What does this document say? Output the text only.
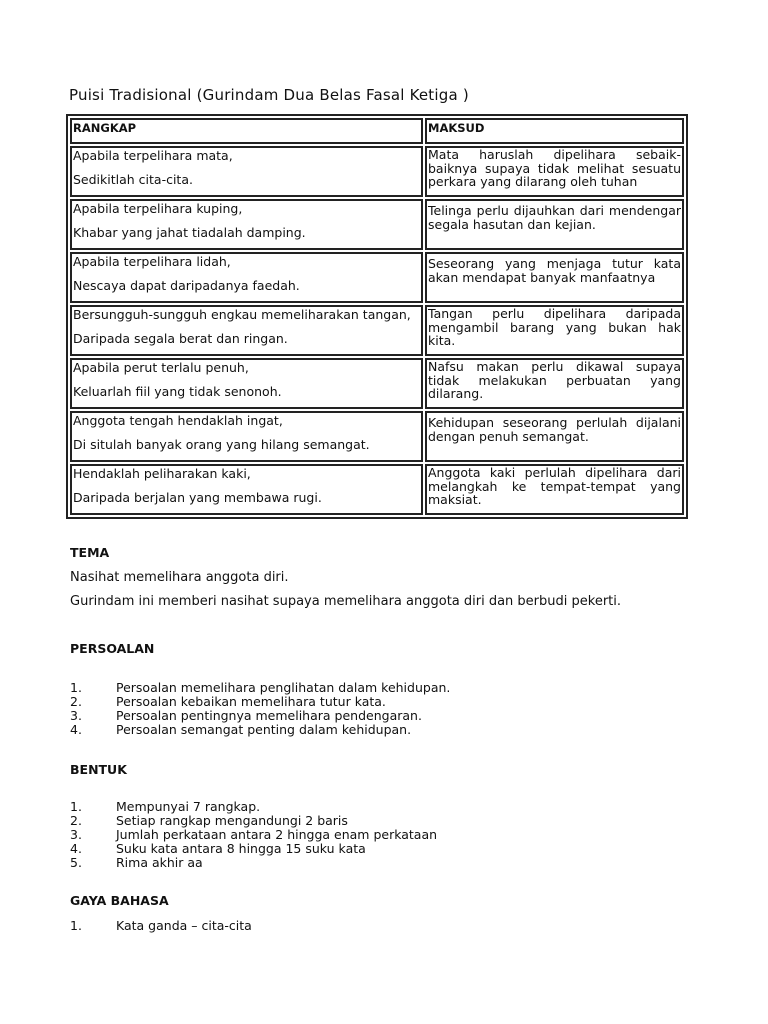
Puisi Tradisional (Gurindam Dua Belas Fasal Ketiga )
RANGKAP	MAKSUD
Apabila terpelihara mata,
Sedikitlah cita-cita.	Mata haruslah dipelihara sebaik-baiknya supaya tidak melihat sesuatu perkara yang dilarang oleh tuhan
Apabila terpelihara kuping,
Khabar yang jahat tiadalah damping.	Telinga perlu dijauhkan dari mendengar segala hasutan dan kejian.
Apabila terpelihara lidah,
Nescaya dapat daripadanya faedah.	Seseorang yang menjaga tutur kata akan mendapat banyak manfaatnya
Bersungguh-sungguh engkau memeliharakan tangan,
Daripada segala berat dan ringan.	Tangan perlu dipelihara daripada mengambil barang yang bukan hak kita.
Apabila perut terlalu penuh,
Keluarlah fiil yang tidak senonoh.	Nafsu makan perlu dikawal supaya tidak melakukan perbuatan yang dilarang.
Anggota tengah hendaklah ingat,
Di situlah banyak orang yang hilang semangat.	Kehidupan seseorang perlulah dijalani dengan penuh semangat.
Hendaklah peliharakan kaki,
Daripada berjalan yang membawa rugi.	Anggota kaki perlulah dipelihara dari melangkah ke tempat-tempat yang maksiat.
TEMA
Nasihat memelihara anggota diri.
Gurindam ini memberi nasihat supaya memelihara anggota diri dan berbudi pekerti.
PERSOALAN
1.	Persoalan memelihara penglihatan dalam kehidupan.
2.	Persoalan kebaikan memelihara tutur kata.
3.	Persoalan pentingnya memelihara pendengaran.
4.	Persoalan semangat penting dalam kehidupan.
BENTUK
1.	Mempunyai 7 rangkap.
2.	Setiap rangkap mengandungi 2 baris
3.	Jumlah perkataan antara 2 hingga enam perkataan
4.	Suku kata antara 8 hingga 15 suku kata
5.	Rima akhir aa
GAYA BAHASA
1.	Kata ganda – cita-cita
